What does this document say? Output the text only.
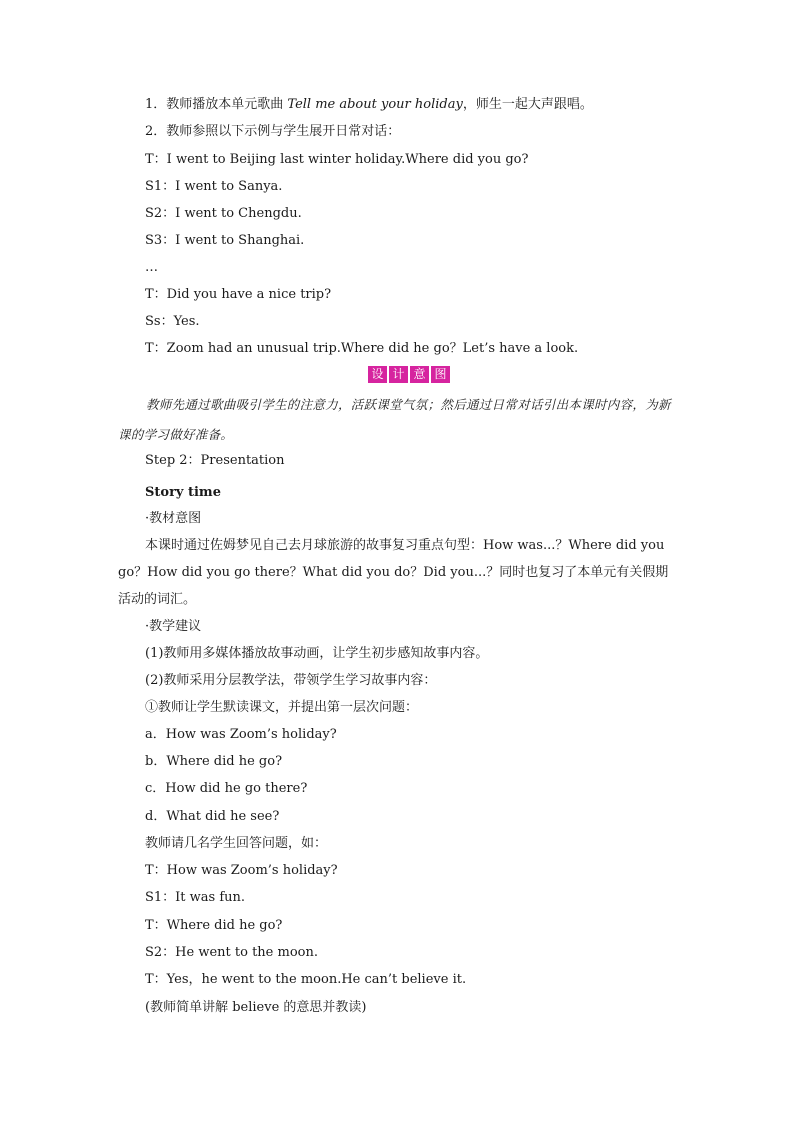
1．教师播放本单元歌曲 Tell me about your holiday，师生一起大声跟唱。
2．教师参照以下示例与学生展开日常对话：
T：I went to Beijing last winter holiday.Where did you go?
S1：I went to Sanya.
S2：I went to Chengdu.
S3：I went to Shanghai.
…
T：Did you have a nice trip?
Ss：Yes.
T：Zoom had an unusual trip.Where did he go？Let’s have a look.
设 计 意 图
教师先通过歌曲吸引学生的注意力，活跃课堂气氛；然后通过日常对话引出本课时内容，为新课的学习做好准备。
Step 2：Presentation
Story time
·教材意图
本课时通过佐姆梦见自己去月球旅游的故事复习重点句型：How was...？Where did you go？How did you go there？What did you do？Did you...？同时也复习了本单元有关假期活动的词汇。
·教学建议
(1)教师用多媒体播放故事动画，让学生初步感知故事内容。
(2)教师采用分层教学法，带领学生学习故事内容：
①教师让学生默读课文，并提出第一层次问题：
a．How was Zoom’s holiday?
b．Where did he go?
c．How did he go there?
d．What did he see?
教师请几名学生回答问题，如：
T：How was Zoom’s holiday?
S1：It was fun.
T：Where did he go?
S2：He went to the moon.
T：Yes，he went to the moon.He can’t believe it.
(教师简单讲解 believe 的意思并教读)
